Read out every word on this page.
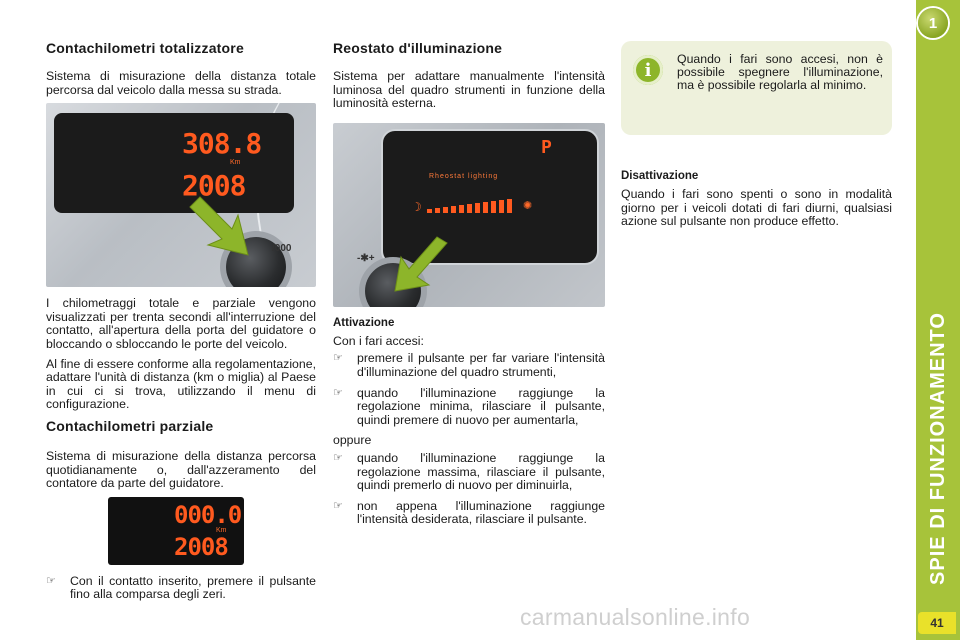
Contachilometri totalizzatore

Sistema di misurazione della distanza totale percorsa dal veicolo dalla messa su strada.

308.8
Km
2008
/000

I chilometraggi totale e parziale vengono visualizzati per trenta secondi all'interruzione del contatto, all'apertura della porta del guidatore o bloccando o sbloccando le porte del veicolo.

Al fine di essere conforme alla regolamentazione, adattare l'unità di distanza (km o miglia) al Paese in cui ci si trova, utilizzando il menu di configurazione.

Contachilometri parziale

Sistema di misurazione della distanza percorsa quotidianamente o, dall'azzeramento del contatore da parte del guidatore.

000.0
Km
2008
☞ Con il contatto inserito, premere il pulsante fino alla comparsa degli zeri.
Reostato d'illuminazione

Sistema per adattare manualmente l'intensità luminosa del quadro strumenti in funzione della luminosità esterna.

P
Rheostat lighting
☽	✺
-✱+
Attivazione

Con i fari accesi:

☞ premere il pulsante per far variare l'intensità d'illuminazione del quadro strumenti,
☞ quando l'illuminazione raggiunge la regolazione minima, rilasciare il pulsante, quindi premere di nuovo per aumentarla,

oppure

☞ quando l'illuminazione raggiunge la regolazione massima, rilasciare il pulsante, quindi premerlo di nuovo per diminuirla,
☞ non appena l'illuminazione raggiunge l'intensità desiderata, rilasciare il pulsante.
i
Quando i fari sono accesi, non è possibile spegnere l'illuminazione, ma è possibile regolarla al minimo.
Disattivazione

Quando i fari sono spenti o sono in modalità giorno per i veicoli dotati di fari diurni, qualsiasi azione sul pulsante non produce effetto.

1
SPIE DI FUNZIONAMENTO
41
carmanualsonline.info
